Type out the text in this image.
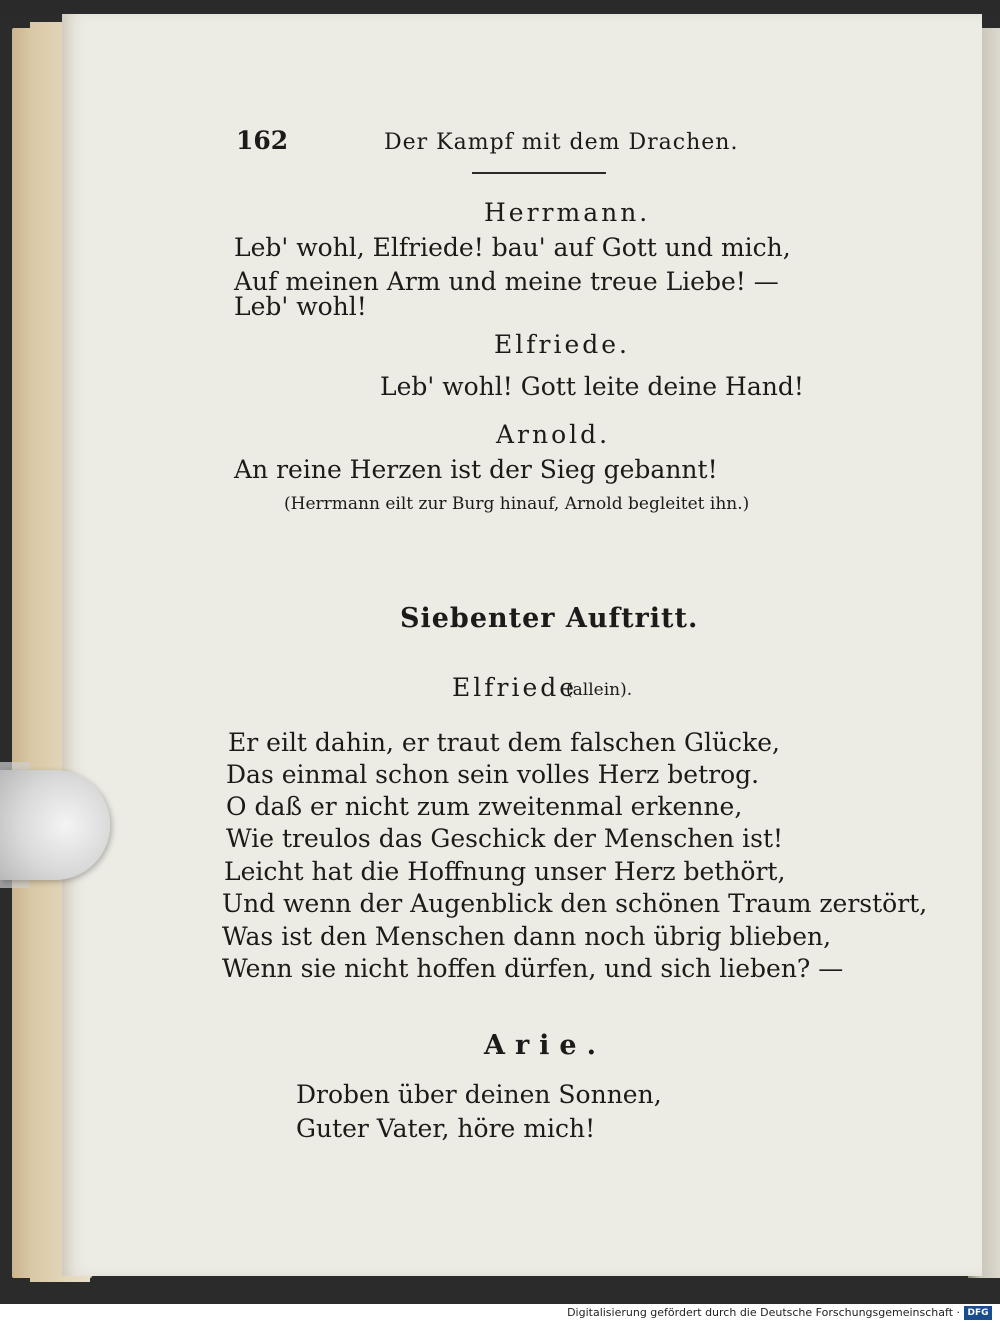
162	Der Kampf mit dem Drachen.
Herrmann.
Leb' wohl, Elfriede! bau' auf Gott und mich,
Auf meinen Arm und meine treue Liebe! —
Leb' wohl!
Elfriede.
Leb' wohl! Gott leite deine Hand!
Arnold.
An reine Herzen ist der Sieg gebannt!
(Herrmann eilt zur Burg hinauf, Arnold begleitet ihn.)
Siebenter Auftritt.
Elfriede
(allein).
Er eilt dahin, er traut dem falschen Glücke,
Das einmal schon sein volles Herz betrog.
O daß er nicht zum zweitenmal erkenne,
Wie treulos das Geschick der Menschen ist!
Leicht hat die Hoffnung unser Herz bethört,
Und wenn der Augenblick den schönen Traum zerstört,
Was ist den Menschen dann noch übrig blieben,
Wenn sie nicht hoffen dürfen, und sich lieben? —
Arie.
Droben über deinen Sonnen,
Guter Vater, höre mich!
Digitalisierung gefördert durch die Deutsche Forschungsgemeinschaft · DFG
